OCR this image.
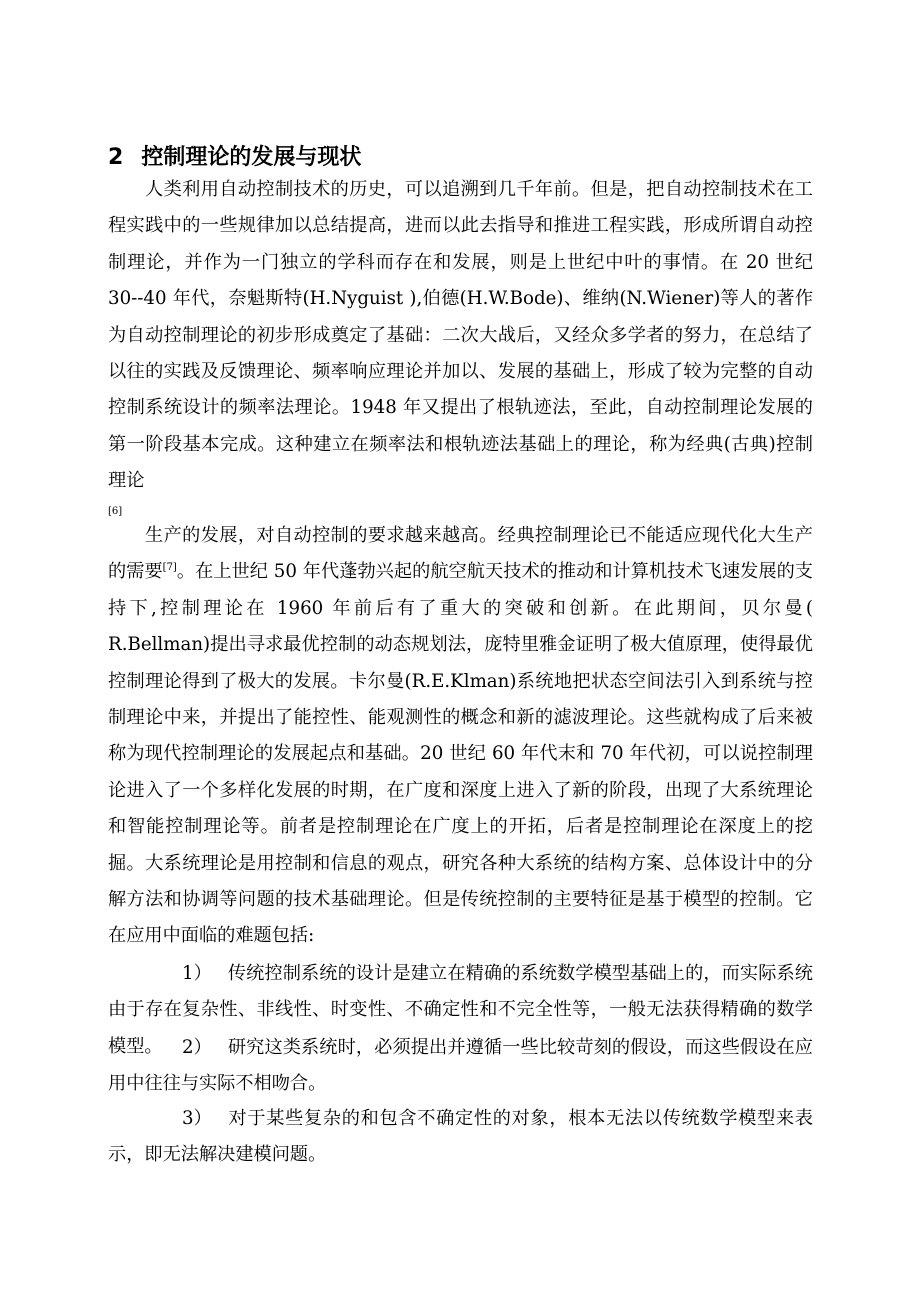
2 控制理论的发展与现状

人类利用自动控制技术的历史，可以追溯到几千年前。但是，把自动控制技术在工程实践中的一些规律加以总结提高，进而以此去指导和推进工程实践，形成所谓自动控制理论，并作为一门独立的学科而存在和发展，则是上世纪中叶的事情。在 20 世纪 30--40 年代，奈魁斯特(H.Nyguist ),伯德(H.W.Bode)、维纳(N.Wiener)等人的著作为自动控制理论的初步形成奠定了基础：二次大战后，又经众多学者的努力，在总结了以往的实践及反馈理论、频率响应理论并加以、发展的基础上，形成了较为完整的自动控制系统设计的频率法理论。1948 年又提出了根轨迹法，至此，自动控制理论发展的第一阶段基本完成。这种建立在频率法和根轨迹法基础上的理论，称为经典(古典)控制理论
[6]

生产的发展，对自动控制的要求越来越高。经典控制理论已不能适应现代化大生产的需要[7]。在上世纪 50 年代蓬勃兴起的航空航天技术的推动和计算机技术飞速发展的支持下,控制理论在 1960 年前后有了重大的突破和创新。在此期间，贝尔曼( R.Bellman)提出寻求最优控制的动态规划法，庞特里雅金证明了极大值原理，使得最优控制理论得到了极大的发展。卡尔曼(R.E.Klman)系统地把状态空间法引入到系统与控制理论中来，并提出了能控性、能观测性的概念和新的滤波理论。这些就构成了后来被称为现代控制理论的发展起点和基础。20 世纪 60 年代末和 70 年代初，可以说控制理论进入了一个多样化发展的时期，在广度和深度上进入了新的阶段，出现了大系统理论和智能控制理论等。前者是控制理论在广度上的开拓，后者是控制理论在深度上的挖掘。大系统理论是用控制和信息的观点，研究各种大系统的结构方案、总体设计中的分解方法和协调等问题的技术基础理论。但是传统控制的主要特征是基于模型的控制。它在应用中面临的难题包括:

1） 传统控制系统的设计是建立在精确的系统数学模型基础上的，而实际系统由于存在复杂性、非线性、时变性、不确定性和不完全性等，一般无法获得精确的数学模型。	2） 研究这类系统时，必须提出并遵循一些比较苛刻的假设，而这些假设在应用中往往与实际不相吻合。

3） 对于某些复杂的和包含不确定性的对象，根本无法以传统数学模型来表示，即无法解决建模问题。
